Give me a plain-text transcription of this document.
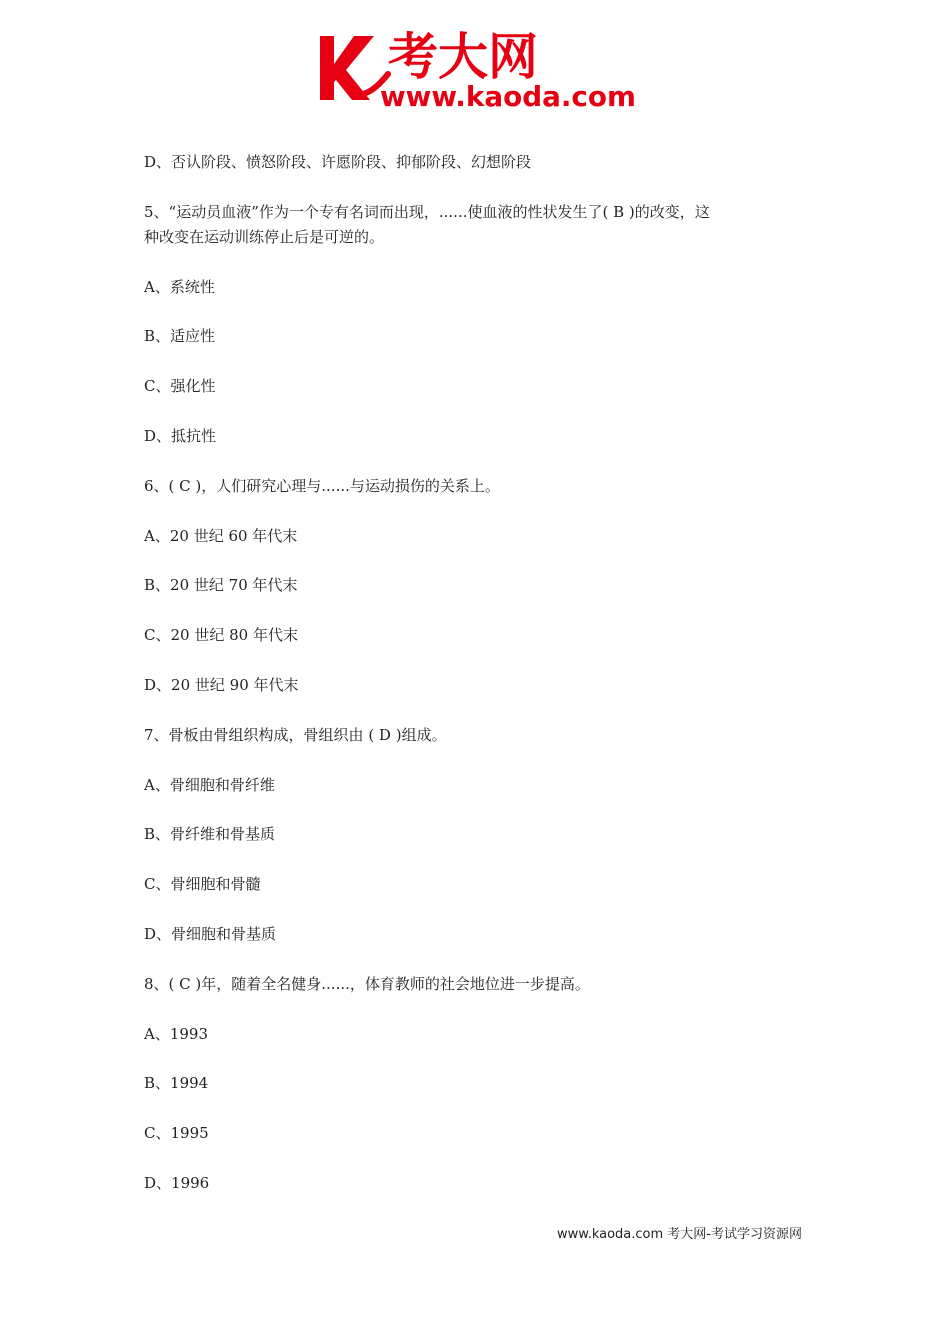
考大网
www.kaoda.com
D、否认阶段、愤怒阶段、许愿阶段、抑郁阶段、幻想阶段
5、“运动员血液”作为一个专有名词而出现，......使血液的性状发生了( B )的改变，这
种改变在运动训练停止后是可逆的。
A、系统性
B、适应性
C、强化性
D、抵抗性
6、( C )，人们研究心理与......与运动损伤的关系上。
A、20 世纪 60 年代末
B、20 世纪 70 年代末
C、20 世纪 80 年代末
D、20 世纪 90 年代末
7、骨板由骨组织构成，骨组织由 ( D )组成。
A、骨细胞和骨纤维
B、骨纤维和骨基质
C、骨细胞和骨髓
D、骨细胞和骨基质
8、( C )年，随着全名健身......，体育教师的社会地位进一步提高。
A、1993
B、1994
C、1995
D、1996
www.kaoda.com 考大网-考试学习资源网
